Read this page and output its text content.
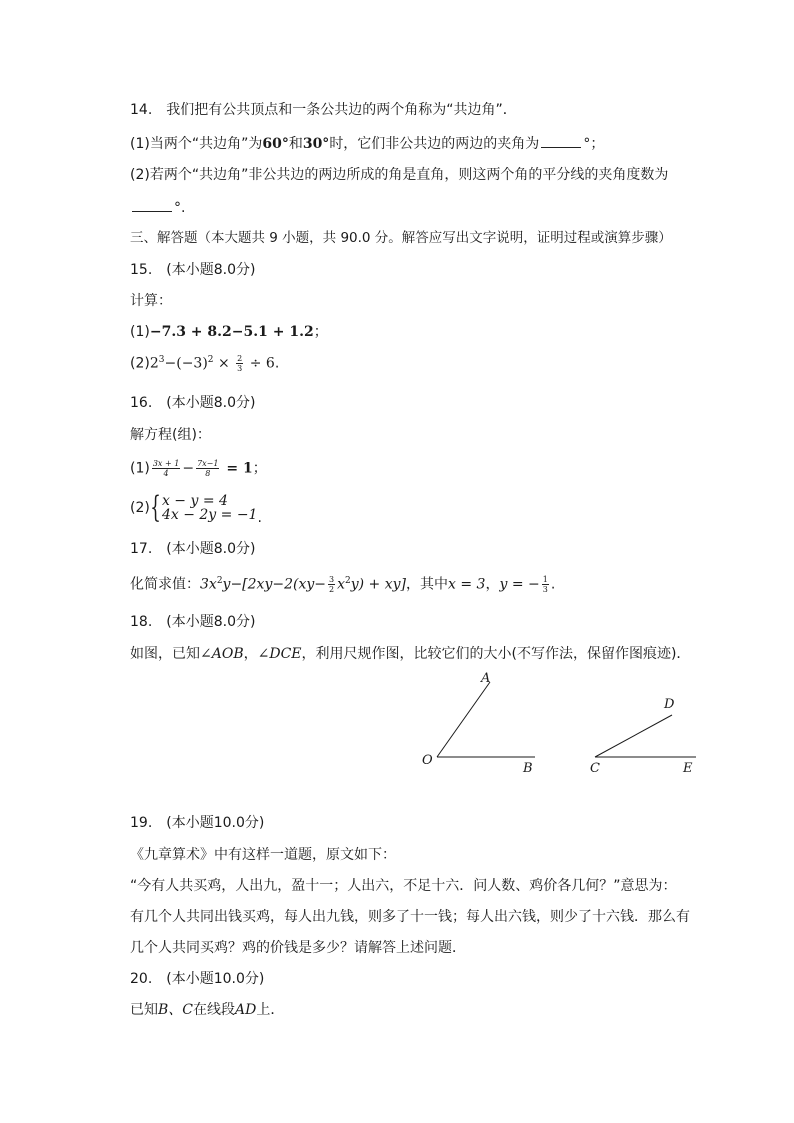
14.　我们把有公共顶点和一条公共边的两个角称为“共边角”．
(1)当两个“共边角”为60°和30°时，它们非公共边的两边的夹角为	°；
(2)若两个“共边角”非公共边的两边所成的角是直角，则这两个角的平分线的夹角度数为
°.
三、解答题（本大题共 9 小题，共 90.0 分。解答应写出文字说明，证明过程或演算步骤）
15.　(本小题8.0分)
计算：
(1)−7.3 + 8.2−5.1 + 1.2；
$(2)2^3-(-3)^2 \times \frac{2}{3} \div 6$.
16.　(本小题8.0分)
解方程(组)：
$(1) \frac{3x + 1}{4} - \frac{7x-1}{8} = 1$；
(2){ x − y = 4
4x − 2y = −1 .
17.　(本小题8.0分)
化简求值：$3x^2y-[2xy-2(xy- \frac{3}{2} x^2y) + xy]$，其中x = 3，y = − $\frac{1}{3}$ .
18.　(本小题8.0分)
如图，已知∠AOB，∠DCE，利用尺规作图，比较它们的大小(不写作法，保留作图痕迹)．
A
O
B
D
C	E
19.　(本小题10.0分)
《九章算术》中有这样一道题，原文如下：
“今有人共买鸡，人出九，盈十一；人出六，不足十六．问人数、鸡价各几何？”意思为：
有几个人共同出钱买鸡，每人出九钱，则多了十一钱；每人出六钱，则少了十六钱．那么有
几个人共同买鸡？鸡的价钱是多少？请解答上述问题．
20.　(本小题10.0分)
已知B、C在线段AD上．
